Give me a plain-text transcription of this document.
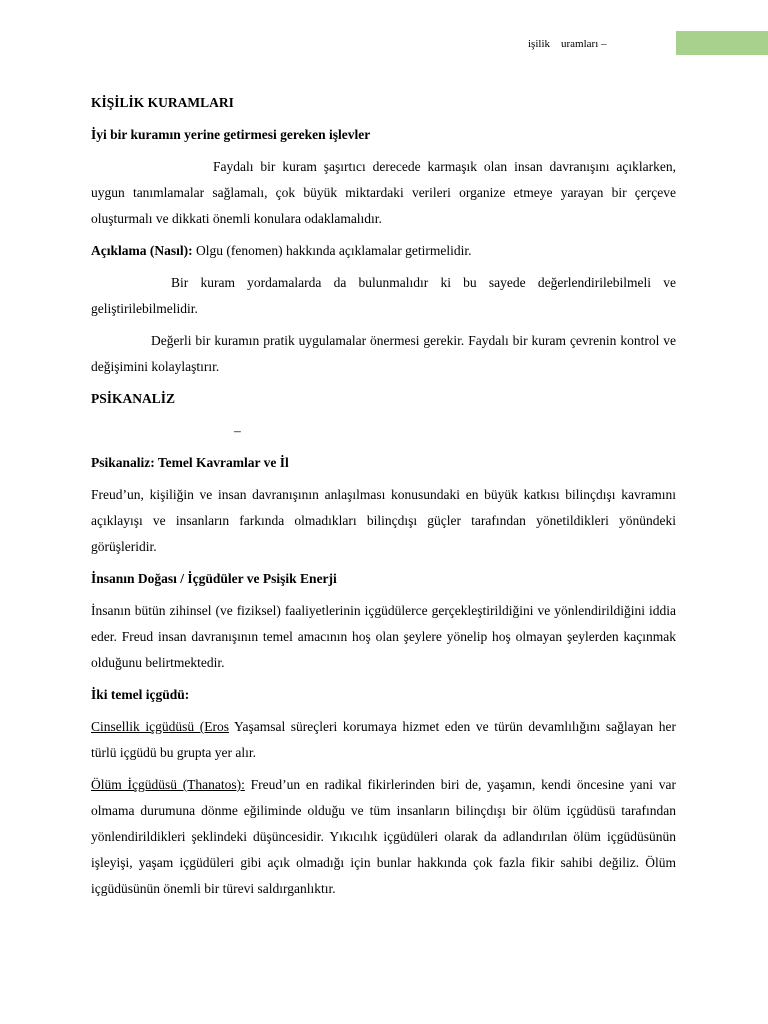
işilik    uramları –

KİŞİLİK KURAMLARI

İyi bir kuramın yerine getirmesi gereken işlevler

Faydalı bir kuram şaşırtıcı derecede karmaşık olan insan davranışını açıklarken, uygun tanımlamalar sağlamalı, çok büyük miktardaki verileri organize etmeye yarayan bir çerçeve oluşturmalı ve dikkati önemli konulara odaklamalıdır.

Açıklama (Nasıl): Olgu (fenomen) hakkında açıklamalar getirmelidir.

Bir kuram yordamalarda da bulunmalıdır ki bu sayede değerlendirilebilmeli ve geliştirilebilmelidir.

Değerli bir kuramın pratik uygulamalar önermesi gerekir. Faydalı bir kuram çevrenin kontrol ve değişimini kolaylaştırır.

PSİKANALİZ

–

Psikanaliz: Temel Kavramlar ve İl

Freud’un, kişiliğin ve insan davranışının anlaşılması konusundaki en büyük katkısı bilinçdışı kavramını açıklayışı ve insanların farkında olmadıkları bilinçdışı güçler tarafından yönetildikleri yönündeki görüşleridir.

İnsanın Doğası / İçgüdüler ve Psişik Enerji

İnsanın bütün zihinsel (ve fiziksel) faaliyetlerinin içgüdülerce gerçekleştirildiğini ve yönlendirildiğini iddia eder. Freud insan davranışının temel amacının hoş olan şeylere yönelip hoş olmayan şeylerden kaçınmak olduğunu belirtmektedir.

İki temel içgüdü:

Cinsellik içgüdüsü (Eros Yaşamsal süreçleri korumaya hizmet eden ve türün devamlılığını sağlayan her türlü içgüdü bu grupta yer alır.

Ölüm İçgüdüsü (Thanatos): Freud’un en radikal fikirlerinden biri de, yaşamın, kendi öncesine yani var olmama durumuna dönme eğiliminde olduğu ve tüm insanların bilinçdışı bir ölüm içgüdüsü tarafından yönlendirildikleri şeklindeki düşüncesidir. Yıkıcılık içgüdüleri olarak da adlandırılan ölüm içgüdüsünün işleyişi, yaşam içgüdüleri gibi açık olmadığı için bunlar hakkında çok fazla fikir sahibi değiliz. Ölüm içgüdüsünün önemli bir türevi saldırganlıktır.
